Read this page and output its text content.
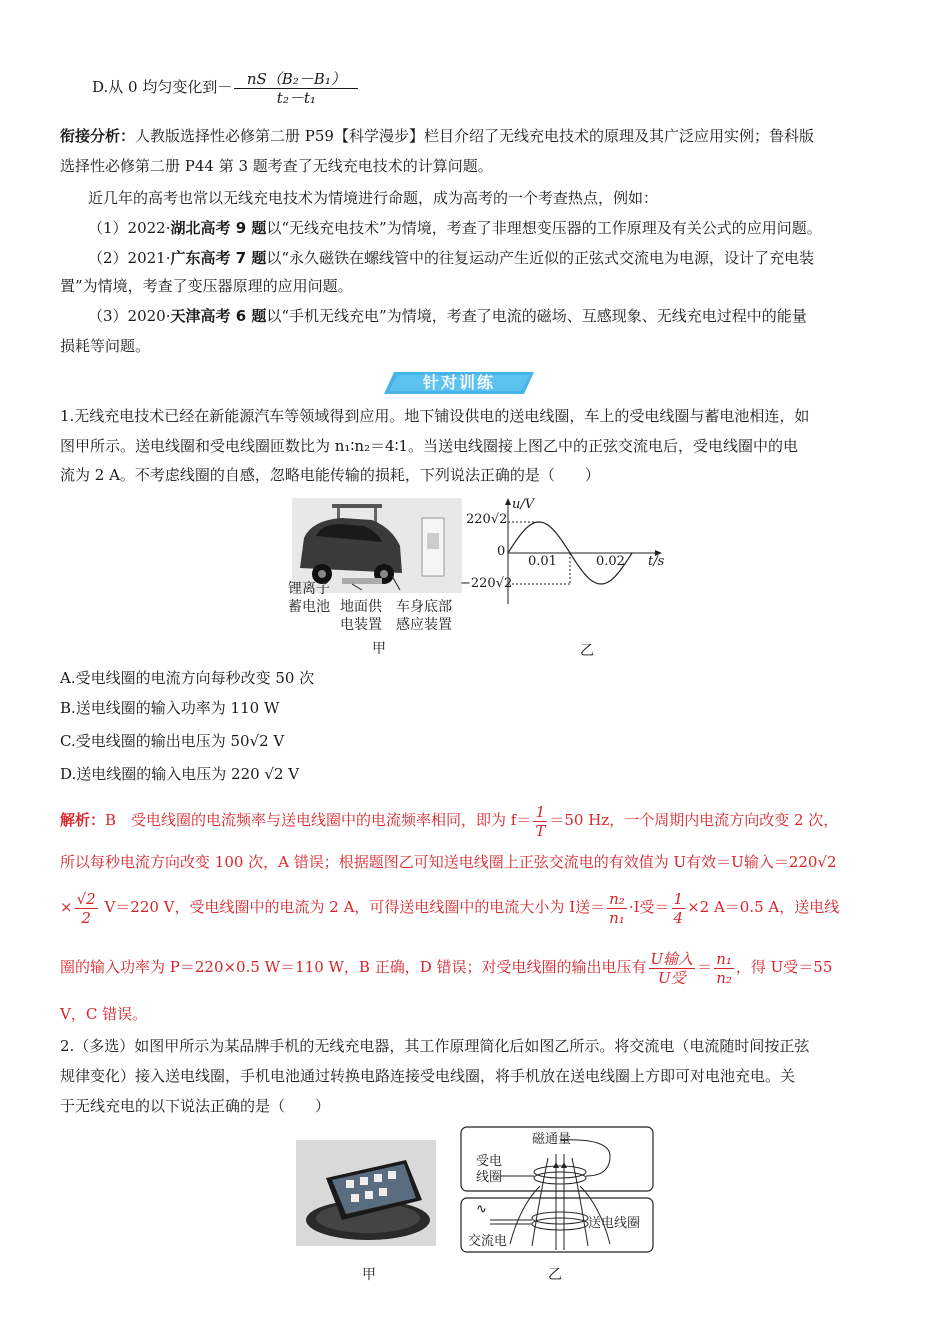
D.从 0 均匀变化到－ $\frac{\text{nS（B₂－B₁）}}{\text{t₂－t₁}}$
衔接分析：人教版选择性必修第二册 P59【科学漫步】栏目介绍了无线充电技术的原理及其广泛应用实例；鲁科版
选择性必修第二册 P44 第 3 题考查了无线充电技术的计算问题。
近几年的高考也常以无线充电技术为情境进行命题，成为高考的一个考查热点，例如：
（1）2022·湖北高考 9 题以“无线充电技术”为情境，考查了非理想变压器的工作原理及有关公式的应用问题。
（2）2021·广东高考 7 题以“永久磁铁在螺线管中的往复运动产生近似的正弦式交流电为电源，设计了充电装
置”为情境，考查了变压器原理的应用问题。
（3）2020·天津高考 6 题以“手机无线充电”为情境，考查了电流的磁场、互感现象、无线充电过程中的能量
损耗等问题。
针对训练
1.无线充电技术已经在新能源汽车等领域得到应用。地下铺设供电的送电线圈，车上的受电线圈与蓄电池相连，如
图甲所示。送电线圈和受电线圈匝数比为 n₁∶n₂＝4∶1。当送电线圈接上图乙中的正弦交流电后，受电线圈中的电
流为 2 A。不考虑线圈的自感，忽略电能传输的损耗，下列说法正确的是（　　）
锂离子
蓄电池 地面供
电装置
车身底部
感应装置
甲
u/V
220√2
0
0.01	0.02 t/s
−220√2
乙
A.受电线圈的电流方向每秒改变 50 次
B.送电线圈的输入功率为 110 W
C.受电线圈的输出电压为 50√2 V
D.送电线圈的输入电压为 220 √2 V
解析：B　受电线圈的电流频率与送电线圈中的电流频率相同，即为 $f= \frac{1}{T} =50$ Hz，一个周期内电流方向改变 2 次，
所以每秒电流方向改变 100 次，A 错误；根据题图乙可知送电线圈上正弦交流电的有效值为 U有效＝U输入＝220√2
× $\frac{√2}{2} V=220$ V，受电线圈中的电流为 2 A，可得送电线圈中的电流大小为 I送＝ $\frac{\text{n₂}}{\text{n₁}} \cdot I$受＝ $\frac{1}{4} \times 2$ A＝0.5 A，送电线
圈的输入功率为 P＝220×0.5 W＝110 W，B 正确，D 错误；对受电线圈的输出电压有 $\frac{\text{U输入}}{\text{U受}} = \frac{\text{n₁}}{\text{n₂}}$ ，得 U受＝55
V，C 错误。
2.（多选）如图甲所示为某品牌手机的无线充电器，其工作原理简化后如图乙所示。将交流电（电流随时间按正弦
规律变化）接入送电线圈，手机电池通过转换电路连接受电线圈，将手机放在送电线圈上方即可对电池充电。关
于无线充电的以下说法正确的是（　　）
甲
磁通量
受电
线圈
送电线圈
∿
交流电
乙
